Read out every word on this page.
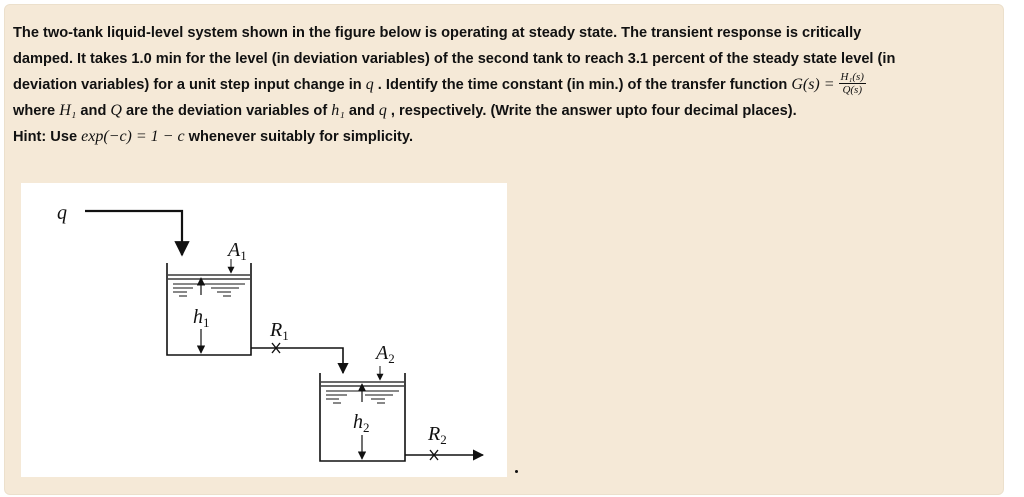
The two-tank liquid-level system shown in the figure below is operating at steady state. The transient response is critically
damped. It takes 1.0 min for the level (in deviation variables) of the second tank to reach 3.1 percent of the steady state level (in
deviation variables) for a unit step input change in q . Identify the time constant (in min.) of the transfer function $G(s) = \frac{\text{H₁(s)}}{Q(s)}$
where H₁ and Q are the deviation variables of h₁ and q , respectively. (Write the answer upto four decimal places).
Hint: Use exp(−c) = 1 − c whenever suitably for simplicity.
q
$A_1$
$h_1$	$R_1$
$A_2$
$h_2$	$R_2$
